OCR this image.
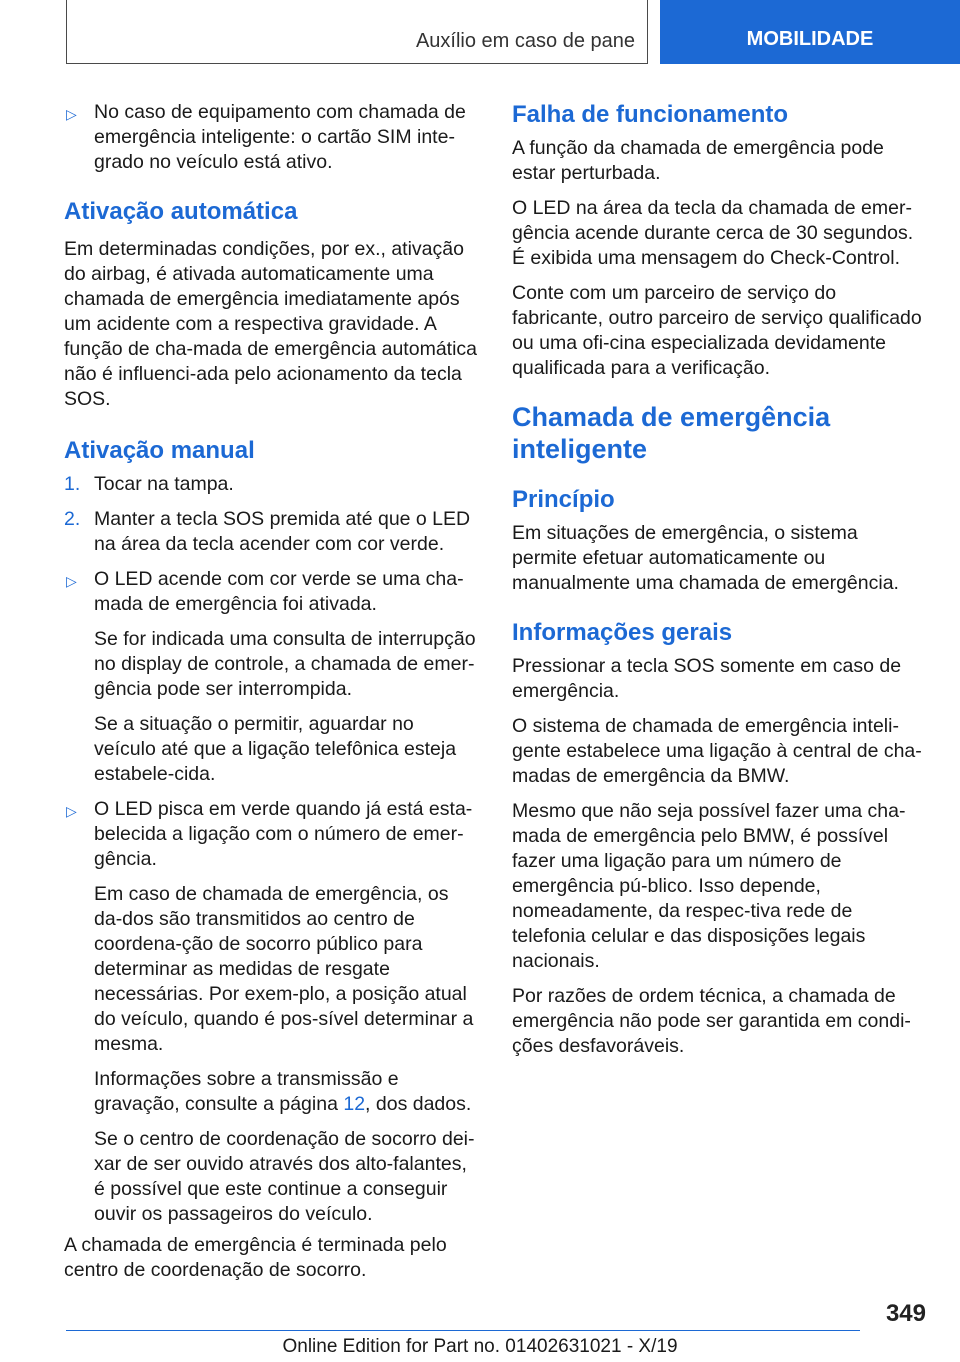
Auxílio em caso de pane	MOBILIDADE
▷ No caso de equipamento com chamada de emergência inteligente: o cartão SIM inte-grado no veículo está ativo.
Ativação automática

Em determinadas condições, por ex., ativação do airbag, é ativada automaticamente uma chamada de emergência imediatamente após um acidente com a respectiva gravidade. A função de cha-mada de emergência automática não é influenci-ada pelo acionamento da tecla SOS.

Ativação manual
1. Tocar na tampa.
2. Manter a tecla SOS premida até que o LED na área da tecla acender com cor verde.
▷ O LED acende com cor verde se uma cha-mada de emergência foi ativada.
Se for indicada uma consulta de interrupção no display de controle, a chamada de emer-gência pode ser interrompida.
Se a situação o permitir, aguardar no veículo até que a ligação telefônica esteja estabele-cida.
▷ O LED pisca em verde quando já está esta-belecida a ligação com o número de emer-gência.
Em caso de chamada de emergência, os da-dos são transmitidos ao centro de coordena-ção de socorro público para determinar as medidas de resgate necessárias. Por exem-plo, a posição atual do veículo, quando é pos-sível determinar a mesma.
Informações sobre a transmissão e gravação, consulte a página 12, dos dados.
Se o centro de coordenação de socorro dei-xar de ser ouvido através dos alto-falantes, é possível que este continue a conseguir ouvir os passageiros do veículo.

A chamada de emergência é terminada pelo centro de coordenação de socorro.

Falha de funcionamento

A função da chamada de emergência pode estar perturbada.

O LED na área da tecla da chamada de emer-gência acende durante cerca de 30 segundos. É exibida uma mensagem do Check-Control.

Conte com um parceiro de serviço do fabricante, outro parceiro de serviço qualificado ou uma ofi-cina especializada devidamente qualificada para a verificação.

Chamada de emergência inteligente
Princípio

Em situações de emergência, o sistema permite efetuar automaticamente ou manualmente uma chamada de emergência.

Informações gerais

Pressionar a tecla SOS somente em caso de emergência.

O sistema de chamada de emergência inteli-gente estabelece uma ligação à central de cha-madas de emergência da BMW.

Mesmo que não seja possível fazer uma cha-mada de emergência pelo BMW, é possível fazer uma ligação para um número de emergência pú-blico. Isso depende, nomeadamente, da respec-tiva rede de telefonia celular e das disposições legais nacionais.

Por razões de ordem técnica, a chamada de emergência não pode ser garantida em condi-ções desfavoráveis.

349
Online Edition for Part no. 01402631021 - X/19
